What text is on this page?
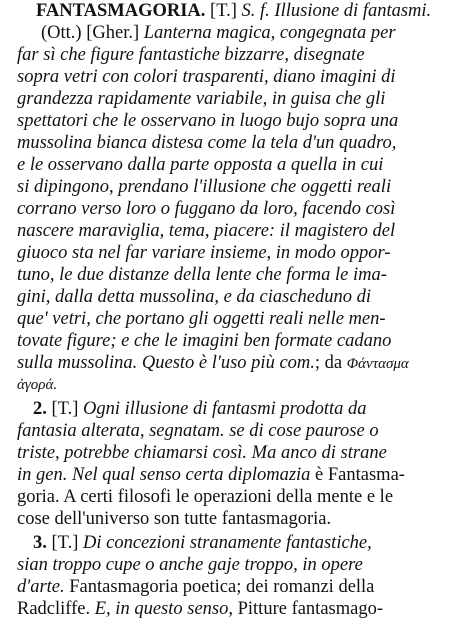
FANTASMAGORIA. [T.] S. f. Illusione di fantasmi.
(Ott.) [Gher.] Lanterna magica, congegnata per
far sì che figure fantastiche bizzarre, disegnate
sopra vetri con colori trasparenti, diano imagini di
grandezza rapidamente variabile, in guisa che gli
spettatori che le osservano in luogo bujo sopra una
mussolina bianca distesa come la tela d'un quadro,
e le osservano dalla parte opposta a quella in cui
si dipingono, prendano l'illusione che oggetti reali
corrano verso loro o fuggano da loro, facendo così
nascere maraviglia, tema, piacere: il magistero del
giuoco sta nel far variare insieme, in modo oppor-
tuno, le due distanze della lente che forma le ima-
gini, dalla detta mussolina, e da ciascheduno di
que' vetri, che portano gli oggetti reali nelle men-
tovate figure; e che le imagini ben formate cadano
sulla mussolina. Questo è l'uso più com.; da Φάντασμα
ἀγορά.
2. [T.] Ogni illusione di fantasmi prodotta da
fantasia alterata, segnatam. se di cose paurose o
triste, potrebbe chiamarsi così. Ma anco di strane
in gen. Nel qual senso certa diplomazia è Fantasma-
goria. A certi filosofi le operazioni della mente e le
cose dell'universo son tutte fantasmagoria.
3. [T.] Di concezioni stranamente fantastiche,
sian troppo cupe o anche gaje troppo, in opere
d'arte. Fantasmagoria poetica; dei romanzi della
Radcliffe. E, in questo senso, Pitture fantasmago-
